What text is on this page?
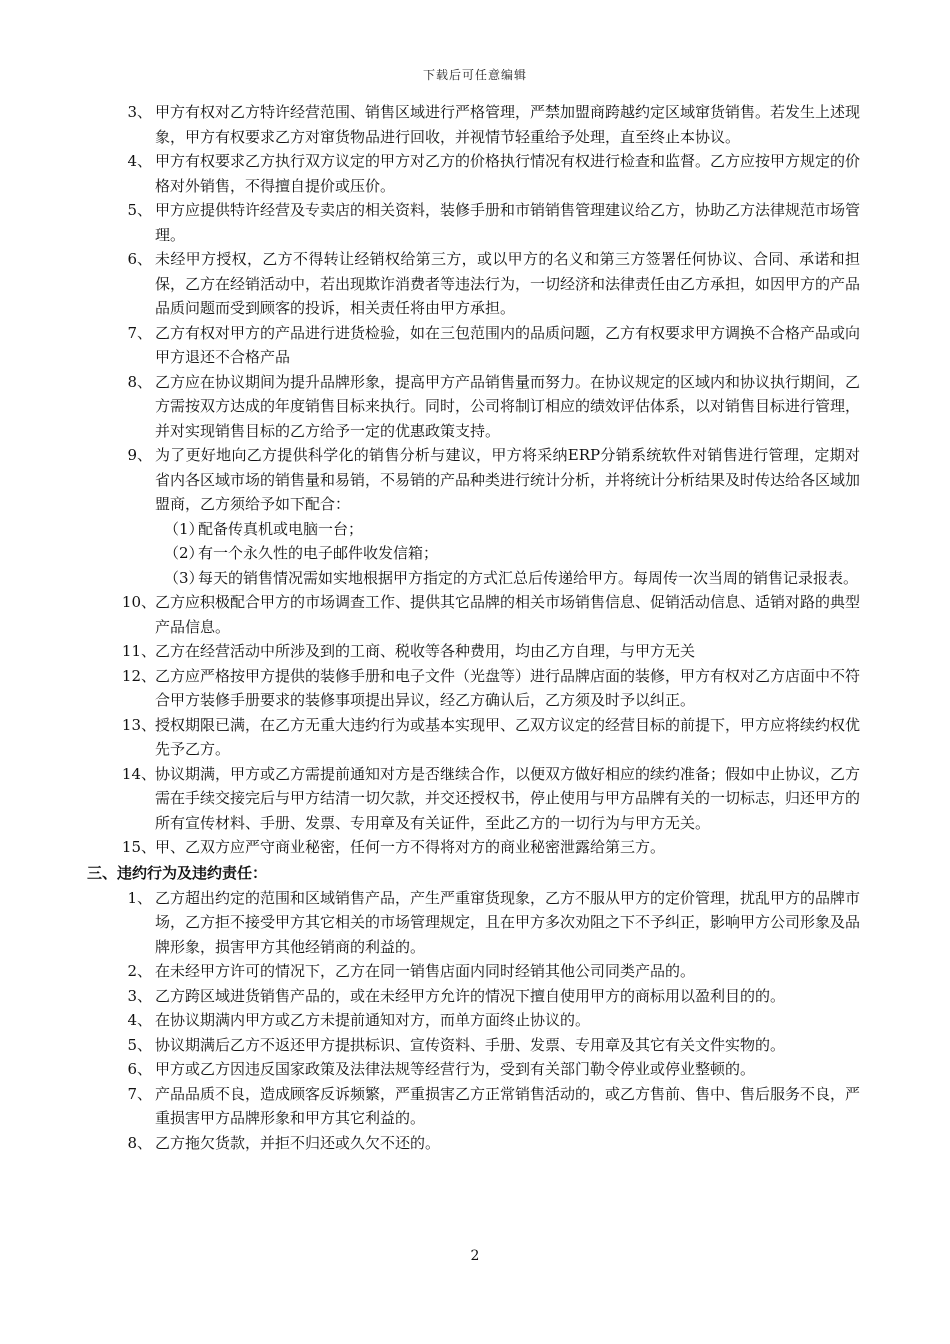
下载后可任意编辑
3、 甲方有权对乙方特许经营范围、销售区域进行严格管理，严禁加盟商跨越约定区域窜货销售。若发生上述现象，甲方有权要求乙方对窜货物品进行回收，并视情节轻重给予处理，直至终止本协议。
4、 甲方有权要求乙方执行双方议定的甲方对乙方的价格执行情况有权进行检查和监督。乙方应按甲方规定的价格对外销售，不得擅自提价或压价。
5、 甲方应提供特许经营及专卖店的相关资料，装修手册和市销销售管理建议给乙方，协助乙方法律规范市场管理。
6、 未经甲方授权，乙方不得转让经销权给第三方，或以甲方的名义和第三方签署任何协议、合同、承诺和担保，乙方在经销活动中，若出现欺诈消费者等违法行为，一切经济和法律责任由乙方承担，如因甲方的产品品质问题而受到顾客的投诉，相关责任将由甲方承担。
7、 乙方有权对甲方的产品进行进货检验，如在三包范围内的品质问题，乙方有权要求甲方调换不合格产品或向甲方退还不合格产品
8、 乙方应在协议期间为提升品牌形象，提高甲方产品销售量而努力。在协议规定的区域内和协议执行期间，乙方需按双方达成的年度销售目标来执行。同时，公司将制订相应的绩效评估体系，以对销售目标进行管理，并对实现销售目标的乙方给予一定的优惠政策支持。
9、 为了更好地向乙方提供科学化的销售分析与建议，甲方将采纳ERP分销系统软件对销售进行管理，定期对省内各区域市场的销售量和易销，不易销的产品种类进行统计分析，并将统计分析结果及时传达给各区域加盟商，乙方须给予如下配合：
（1）
配备传真机或电脑一台；
（2）
有一个永久性的电子邮件收发信箱；
（3）
每天的销售情况需如实地根据甲方指定的方式汇总后传递给甲方。每周传一次当周的销售记录报表。
10、 乙方应积极配合甲方的市场调查工作、提供其它品牌的相关市场销售信息、促销活动信息、适销对路的典型产品信息。
11、 乙方在经营活动中所涉及到的工商、税收等各种费用，均由乙方自理，与甲方无关
12、 乙方应严格按甲方提供的装修手册和电子文件（光盘等）进行品牌店面的装修，甲方有权对乙方店面中不符合甲方装修手册要求的装修事项提出异议，经乙方确认后，乙方须及时予以纠正。
13、 授权期限已满，在乙方无重大违约行为或基本实现甲、乙双方议定的经营目标的前提下，甲方应将续约权优先予乙方。
14、 协议期满，甲方或乙方需提前通知对方是否继续合作，以便双方做好相应的续约准备；假如中止协议，乙方需在手续交接完后与甲方结清一切欠款，并交还授权书，停止使用与甲方品牌有关的一切标志，归还甲方的所有宣传材料、手册、发票、专用章及有关证件，至此乙方的一切行为与甲方无关。
15、 甲、乙双方应严守商业秘密，任何一方不得将对方的商业秘密泄露给第三方。
三、违约行为及违约责任：
1、 乙方超出约定的范围和区域销售产品，产生严重窜货现象，乙方不服从甲方的定价管理，扰乱甲方的品牌市场，乙方拒不接受甲方其它相关的市场管理规定，且在甲方多次劝阻之下不予纠正，影响甲方公司形象及品牌形象，损害甲方其他经销商的利益的。
2、 在未经甲方许可的情况下，乙方在同一销售店面内同时经销其他公司同类产品的。
3、 乙方跨区域进货销售产品的，或在未经甲方允许的情况下擅自使用甲方的商标用以盈利目的的。
4、 在协议期满内甲方或乙方未提前通知对方，而单方面终止协议的。
5、 协议期满后乙方不返还甲方提拱标识、宣传资料、手册、发票、专用章及其它有关文件实物的。
6、 甲方或乙方因违反国家政策及法律法规等经营行为，受到有关部门勒令停业或停业整顿的。
7、 产品品质不良，造成顾客反诉频繁，严重损害乙方正常销售活动的，或乙方售前、售中、售后服务不良，严重损害甲方品牌形象和甲方其它利益的。
8、 乙方拖欠货款，并拒不归还或久欠不还的。
2
